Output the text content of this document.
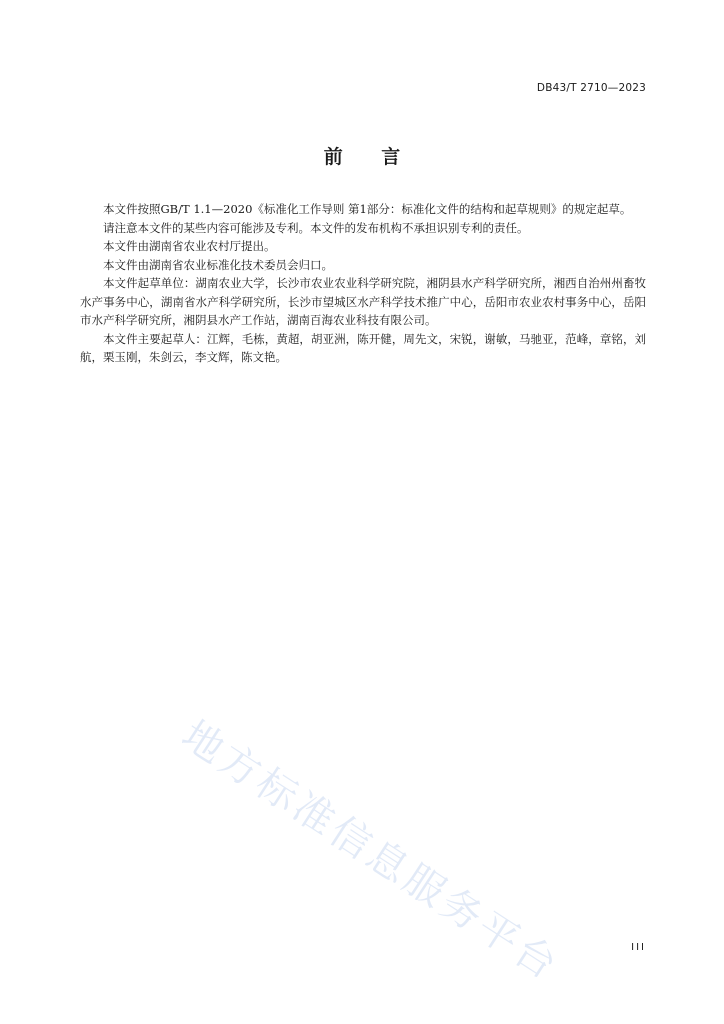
DB43/T 2710—2023
前 言

本文件按照GB/T 1.1—2020《标准化工作导则 第1部分：标准化文件的结构和起草规则》的规定起草。

请注意本文件的某些内容可能涉及专利。本文件的发布机构不承担识别专利的责任。

本文件由湖南省农业农村厅提出。

本文件由湖南省农业标准化技术委员会归口。

本文件起草单位：湖南农业大学，长沙市农业农业科学研究院，湘阴县水产科学研究所，湘西自治州州畜牧水产事务中心，湖南省水产科学研究所，长沙市望城区水产科学技术推广中心，岳阳市农业农村事务中心，岳阳市水产科学研究所，湘阴县水产工作站，湖南百海农业科技有限公司。

本文件主要起草人：江辉，毛栋，黄超，胡亚洲，陈开健，周先文，宋锐，谢敏，马驰亚，范峰，章铭，刘航，栗玉刚，朱剑云，李文辉，陈文艳。

地方标准信息服务平台	III
